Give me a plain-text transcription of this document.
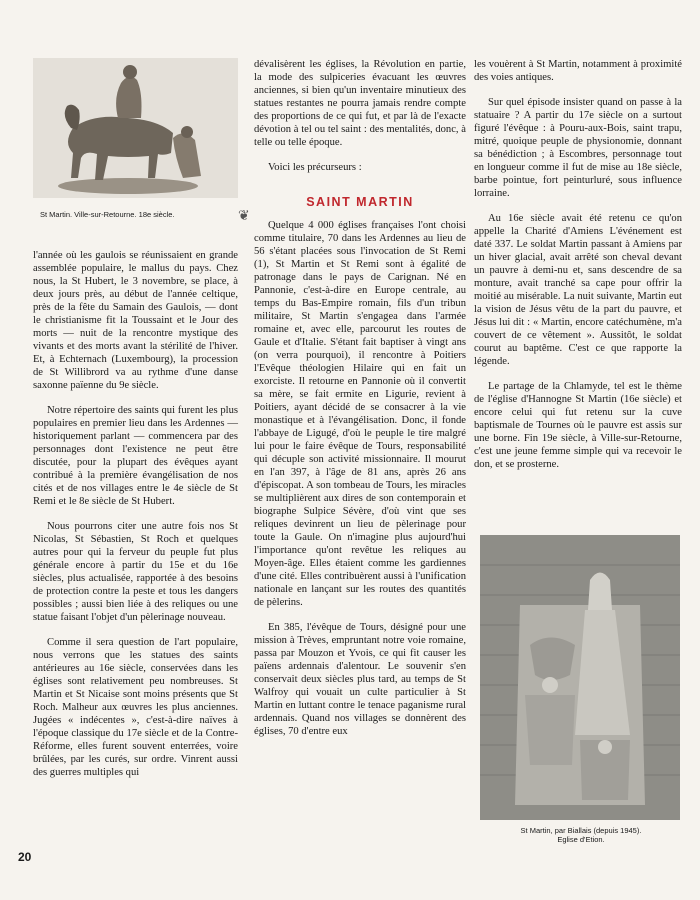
St Martin. Ville-sur-Retourne. 18e siècle.	❦

l'année où les gaulois se réunissaient en grande assemblée populaire, le mallus du pays. Chez nous, la St Hubert, le 3 novembre, se place, à deux jours près, au début de l'année celtique, près de la fête du Samain des Gaulois, — dont le christianisme fit la Toussaint et le Jour des morts — nuit de la rencontre mystique des vivants et des morts avant la stérilité de l'hiver. Et, à Echternach (Luxembourg), la procession de St Willibrord va au rythme d'une danse saxonne païenne du 9e siècle.

Notre répertoire des saints qui furent les plus populaires en premier lieu dans les Ardennes — historiquement parlant — commencera par des personnages dont l'existence ne peut être discutée, pour la plupart des évêques ayant contribué à la première évangélisation de nos cités et de nos villages entre le 4e siècle de St Remi et le 8e siècle de St Hubert.

Nous pourrons citer une autre fois nos St Nicolas, St Sébastien, St Roch et quelques autres pour qui la ferveur du peuple fut plus générale encore à partir du 15e et du 16e siècles, plus actualisée, rapportée à des besoins de protection contre la peste et tous les dangers possibles ; aussi bien liée à des reliques ou une statue faisant l'objet d'un pèlerinage nouveau.

Comme il sera question de l'art populaire, nous verrons que les statues des saints antérieures au 16e siècle, conservées dans les églises sont relativement peu nombreuses. St Martin et St Nicaise sont moins présents que St Roch. Malheur aux œuvres les plus anciennes. Jugées « indécentes », c'est-à-dire naïves à l'époque classique du 17e siècle et de la Contre-Réforme, elles furent souvent enterrées, voire brûlées, par les curés, sur ordre. Vinrent aussi des guerres multiples qui

dévalisèrent les églises, la Révolution en partie, la mode des sulpiceries évacuant les œuvres anciennes, si bien qu'un inventaire minutieux des statues restantes ne pourra jamais rendre compte des proportions de ce qui fut, et par là de l'exacte dévotion à tel ou tel saint : des mentalités, donc, à telle ou telle époque.

Voici les précurseurs :

SAINT MARTIN

Quelque 4 000 églises françaises l'ont choisi comme titulaire, 70 dans les Ardennes au lieu de 56 s'étant placées sous l'invocation de St Remi (1), St Martin et St Remi sont à égalité de patronage dans le pays de Carignan. Né en Pannonie, c'est-à-dire en Europe centrale, au temps du Bas-Empire romain, fils d'un tribun militaire, St Martin s'engagea dans l'armée romaine et, avec elle, parcourut les routes de Gaule et d'Italie. S'étant fait baptiser à vingt ans (on verra pourquoi), il rencontre à Poitiers l'Evêque théologien Hilaire qui en fait un exorciste. Il retourne en Pannonie où il convertit sa mère, se fait ermite en Ligurie, revient à Poitiers, ayant décidé de se consacrer à la vie monastique et à l'évangélisation. Donc, il fonde l'abbaye de Ligugé, d'où le peuple le tire malgré lui pour le faire évêque de Tours, responsabilité qui décuple son activité missionnaire. Il mourut en l'an 397, à l'âge de 81 ans, après 26 ans d'épiscopat. A son tombeau de Tours, les miracles se multiplièrent aux dires de son contemporain et biographe Sulpice Sévère, d'où vint que ses reliques devinrent un lieu de pèlerinage pour toute la Gaule. On n'imagine plus aujourd'hui l'importance qu'ont revêtue les reliques au Moyen-âge. Elles étaient comme les gardiennes d'une cité. Elles contribuèrent aussi à l'unification nationale en lançant sur les routes des quantités de pèlerins.

En 385, l'évêque de Tours, désigné pour une mission à Trèves, empruntant notre voie romaine, passa par Mouzon et Yvois, ce qui fit causer les païens ardennais d'alentour. Le souvenir s'en conservait deux siècles plus tard, au temps de St Walfroy qui vouait un culte particulier à St Martin en luttant contre le tenace paganisme rural ardennais. Quand nos villages se donnèrent des églises, 70 d'entre eux

les vouèrent à St Martin, notamment à proximité des voies antiques.

Sur quel épisode insister quand on passe à la statuaire ? A partir du 17e siècle on a surtout figuré l'évêque : à Pouru-aux-Bois, saint trapu, mitré, quoique peuple de physionomie, donnant sa bénédiction ; à Escombres, personnage tout en longueur comme il fut de mise au 18e siècle, barbe pointue, fort peinturluré, sous influence lorraine.

Au 16e siècle avait été retenu ce qu'on appelle la Charité d'Amiens L'événement est daté 337. Le soldat Martin passant à Amiens par un hiver glacial, avait arrêté son cheval devant un pauvre à demi-nu et, sans descendre de sa monture, avait tranché sa cape pour offrir la moitié au misérable. La nuit suivante, Martin eut la vision de Jésus vêtu de la part du pauvre, et Jésus lui dit : « Martin, encore catéchumène, m'a couvert de ce vêtement ». Aussitôt, le soldat courut au baptême. C'est ce que rapporte la légende.

Le partage de la Chlamyde, tel est le thème de l'église d'Hannogne St Martin (16e siècle) et encore celui qui fut retenu sur la cuve baptismale de Tournes où le pauvre est assis sur une borne. Fin 19e siècle, à Ville-sur-Retourne, c'est une jeune femme simple qui va recevoir le don, et se prosterne.

St Martin, par Biallais (depuis 1945).
Eglise d'Etion.
20
